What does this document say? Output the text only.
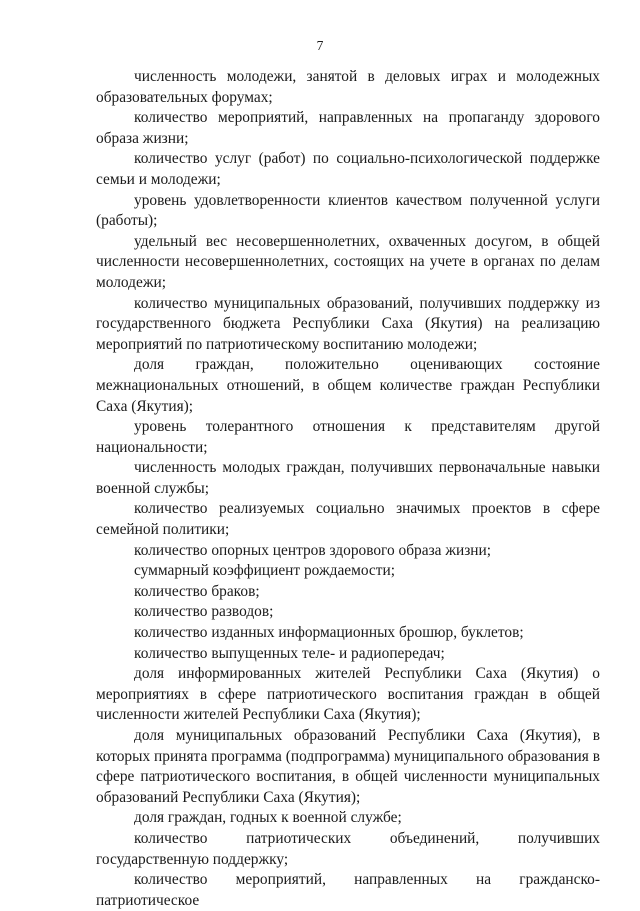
7

численность молодежи, занятой в деловых играх и молодежных образовательных форумах;

количество мероприятий, направленных на пропаганду здорового образа жизни;

количество услуг (работ) по социально-психологической поддержке семьи и молодежи;

уровень удовлетворенности клиентов качеством полученной услуги (работы);

удельный вес несовершеннолетних, охваченных досугом, в общей численности несовершеннолетних, состоящих на учете в органах по делам молодежи;

количество муниципальных образований, получивших поддержку из государственного бюджета Республики Саха (Якутия) на реализацию мероприятий по патриотическому воспитанию молодежи;

доля граждан, положительно оценивающих состояние межнациональных отношений, в общем количестве граждан Республики Саха (Якутия);

уровень толерантного отношения к представителям другой национальности;

численность молодых граждан, получивших первоначальные навыки военной службы;

количество реализуемых социально значимых проектов в сфере семейной политики;

количество опорных центров здорового образа жизни;

суммарный коэффициент рождаемости;

количество браков;

количество разводов;

количество изданных информационных брошюр, буклетов;

количество выпущенных теле- и радиопередач;

доля информированных жителей Республики Саха (Якутия) о мероприятиях в сфере патриотического воспитания граждан в общей численности жителей Республики Саха (Якутия);

доля муниципальных образований Республики Саха (Якутия), в которых принята программа (подпрограмма) муниципального образования в сфере патриотического воспитания, в общей численности муниципальных образований Республики Саха (Якутия);

доля граждан, годных к военной службе;

количество патриотических объединений, получивших государственную поддержку;

количество мероприятий, направленных на гражданско-патриотическое
